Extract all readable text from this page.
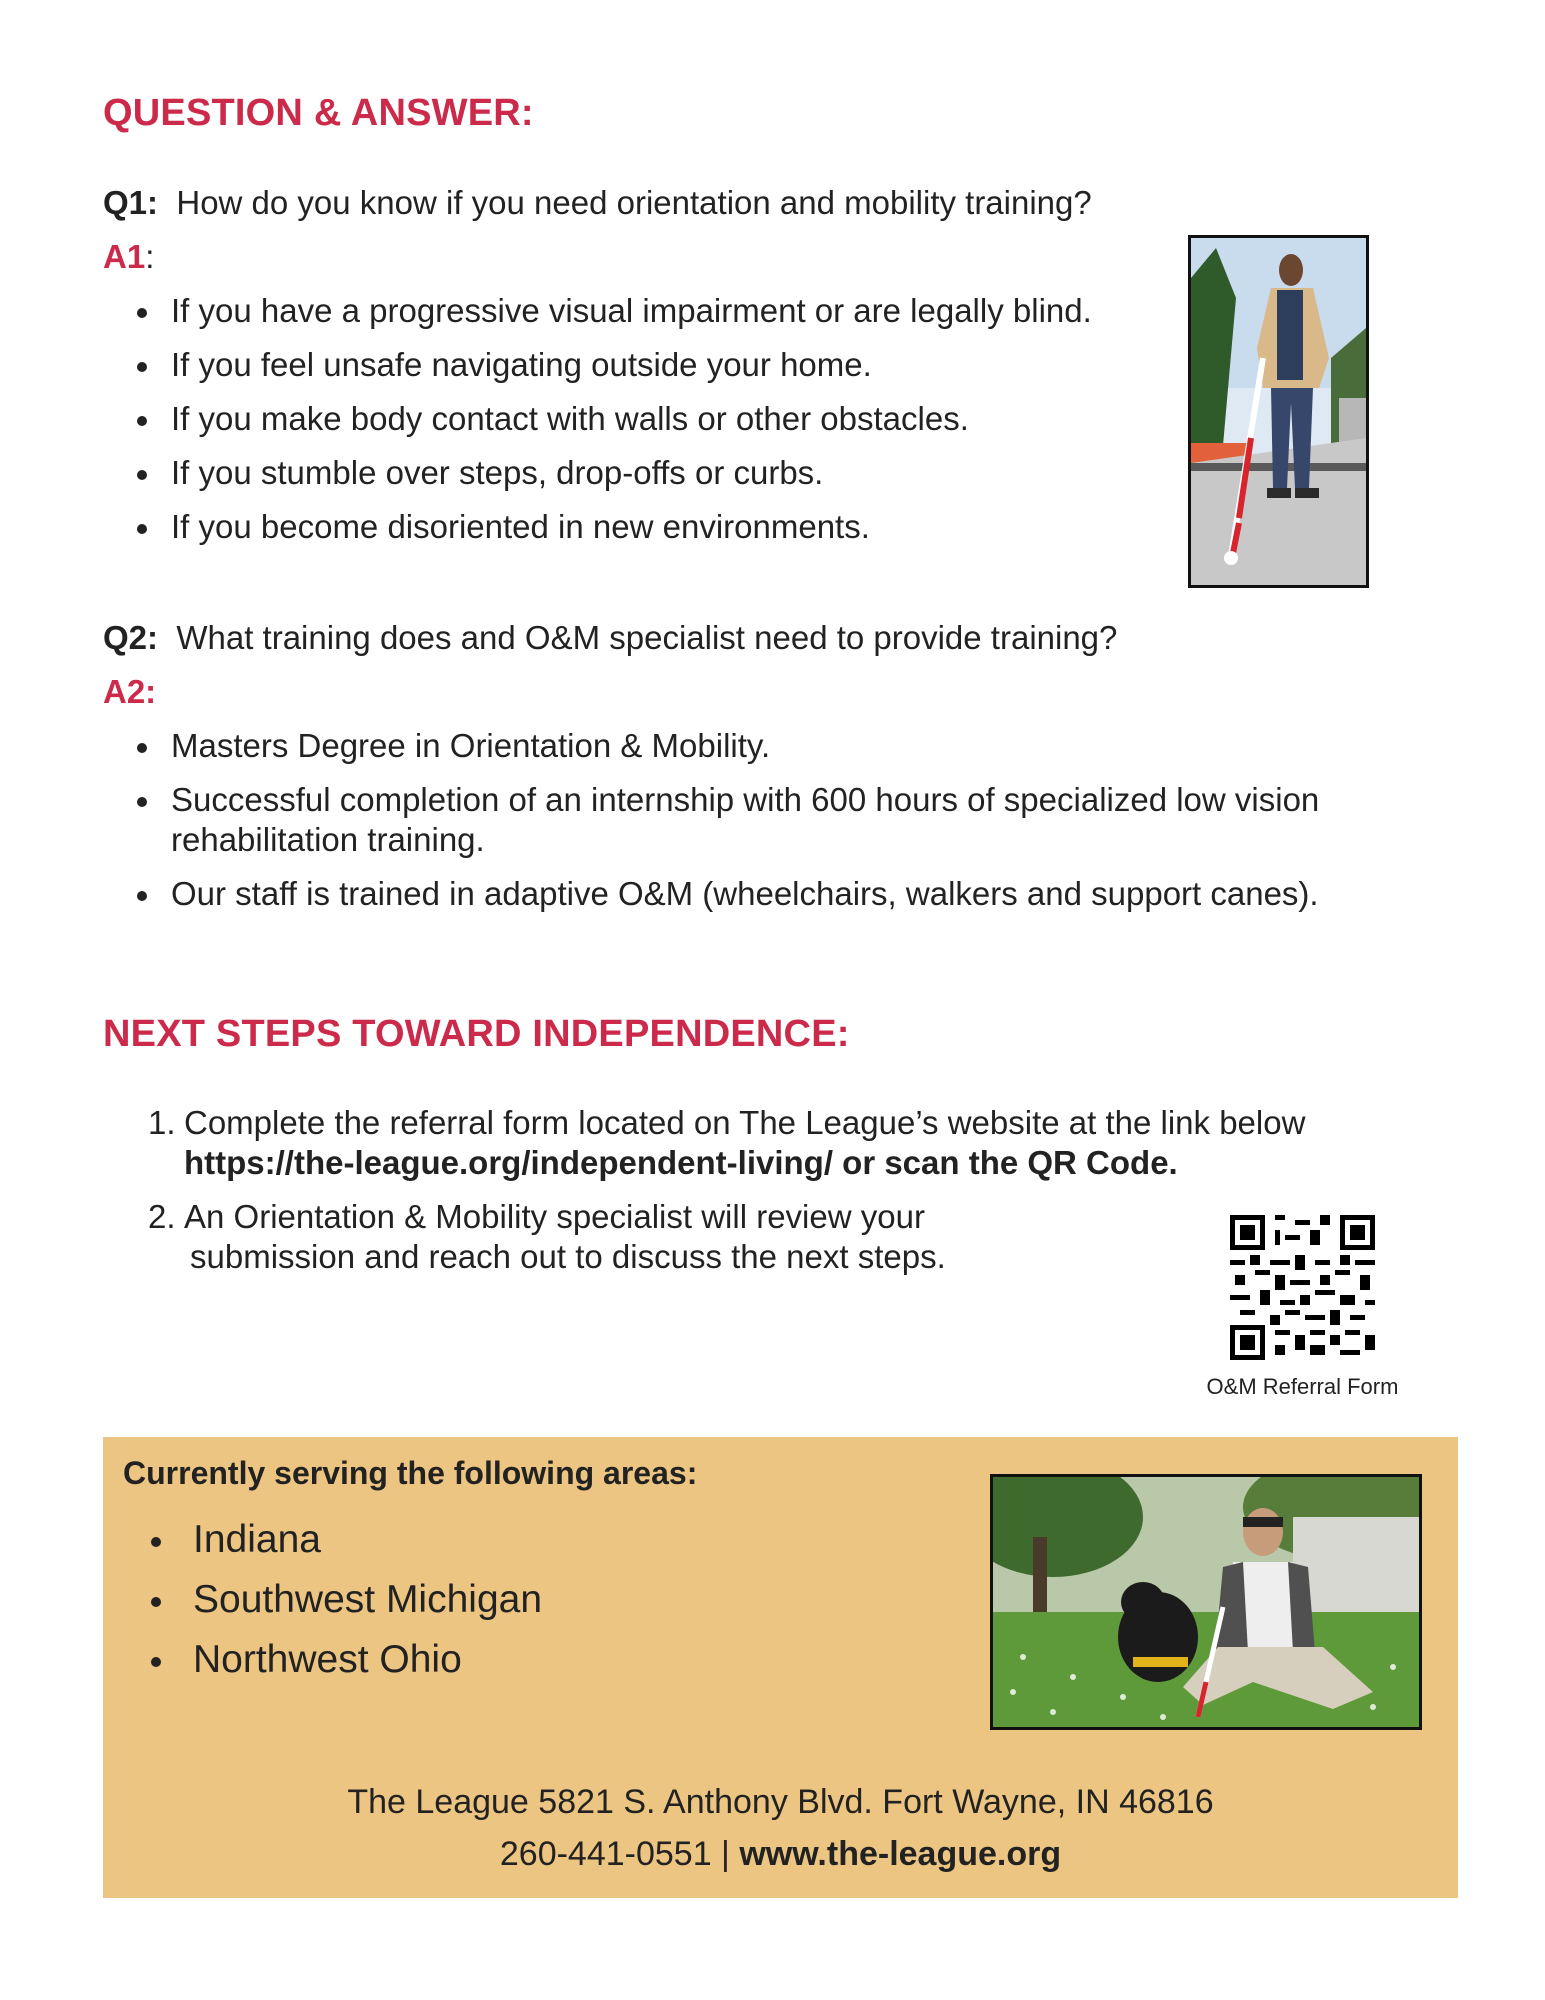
QUESTION & ANSWER:
Q1: How do you know if you need orientation and mobility training?
A1:
If you have a progressive visual impairment or are legally blind.
If you feel unsafe navigating outside your home.
If you make body contact with walls or other obstacles.
If you stumble over steps, drop-offs or curbs.
If you become disoriented in new environments.
Q2: What training does and O&M specialist need to provide training?
A2:
Masters Degree in Orientation & Mobility.
Successful completion of an internship with 600 hours of specialized low vision
rehabilitation training.
Our staff is trained in adaptive O&M (wheelchairs, walkers and support canes).
NEXT STEPS TOWARD INDEPENDENCE:
1. Complete the referral form located on The League’s website at the link below
https://the-league.org/independent-living/ or scan the QR Code.
2. An Orientation & Mobility specialist will review your
submission and reach out to discuss the next steps.
O&M Referral Form
Currently serving the following areas:
Indiana
Southwest Michigan
Northwest Ohio
The League 5821 S. Anthony Blvd. Fort Wayne, IN 46816
260-441-0551 | www.the-league.org
